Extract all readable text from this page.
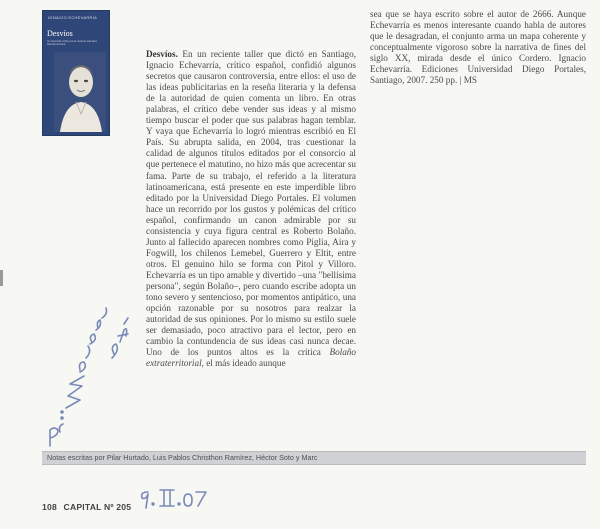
IGNACIO ECHEVARRÍA
Desvíos
Un recorrido crítico por la reciente narrativa latinoamericana
Desvíos. En un reciente taller que dictó en Santiago, Ignacio Echevarría, crítico español, confidió algunos secretos que causaron controversia, entre ellos: el uso de las ideas publicitarias en la reseña literaria y la defensa de la autoridad de quien comenta un libro. En otras palabras, el crítico debe vender sus ideas y al mismo tiempo buscar el poder que sus palabras hagan temblar. Y vaya que Echevarría lo logró mientras escribió en El País. Su abrupta salida, en 2004, tras cuestionar la calidad de algunos títulos editados por el consorcio al que pertenece el matutino, no hizo más que acrecentar su fama. Parte de su trabajo, el referido a la literatura latinoamericana, está presente en este imperdible libro editado por la Universidad Diego Portales. El volumen hace un recorrido por los gustos y polémicas del crítico español, confirmando un canon admirable por su consistencia y cuya figura central es Roberto Bolaño. Junto al fallecido aparecen nombres como Piglia, Aira y Fogwill, los chilenos Lemebel, Guerrero y Eltit, entre otros. El genuino hilo se forma con Pitol y Villoro. Echevarría es un tipo amable y divertido –una "bellísima persona", según Bolaño–, pero cuando escribe adopta un tono severo y sentencioso, por momentos antipático, una opción razonable por su nosotros para realzar la autoridad de sus opiniones. Por lo mismo su estilo suele ser demasiado, poco atractivo para el lector, pero en cambio la contundencia de sus ideas casi nunca decae. Uno de los puntos altos es la crítica Bolaño extraterritorial, el más ideado aunque
sea que se haya escrito sobre el autor de 2666. Aunque Echevarría es menos interesante cuando habla de autores que le desagradan, el conjunto arma un mapa coherente y conceptualmente vigoroso sobre la narrativa de fines del siglo XX, mirada desde el único Cordero. Ignacio Echevarría. Ediciones Universidad Diego Portales, Santiago, 2007. 250 pp. | MS
Notas escritas por Pilar Hurtado, Luis Pablos Christhon Ramírez, Héctor Soto y Marc
108 CAPITAL Nº 205
